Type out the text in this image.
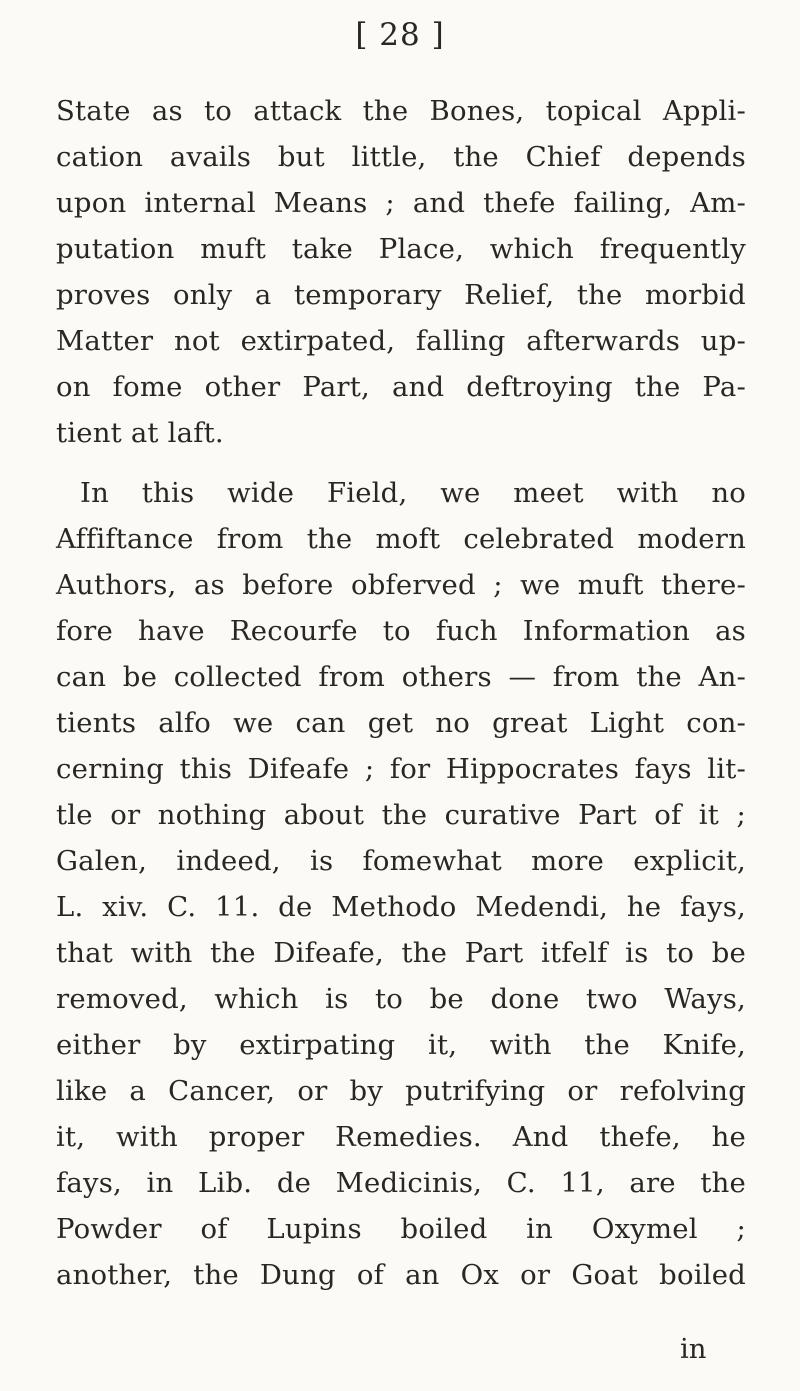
[ 28 ]
State as to attack the Bones, topical Appli-
cation avails but little, the Chief depends
upon internal Means ; and thefe failing, Am-
putation muft take Place, which frequently
proves only a temporary Relief, the morbid
Matter not extirpated, falling afterwards up-
on fome other Part, and deftroying the Pa-
tient at laft.
In this wide Field, we meet with no
Affiftance from the moft celebrated modern
Authors, as before obferved ; we muft there-
fore have Recourfe to fuch Information as
can be collected from others — from the An-
tients alfo we can get no great Light con-
cerning this Difeafe ; for Hippocrates fays lit-
tle or nothing about the curative Part of it ;
Galen, indeed, is fomewhat more explicit,
L. xiv. C. 11. de Methodo Medendi, he fays,
that with the Difeafe, the Part itfelf is to be
removed, which is to be done two Ways,
either by extirpating it, with the Knife,
like a Cancer, or by putrifying or refolving
it, with proper Remedies. And thefe, he
fays, in Lib. de Medicinis, C. 11, are the
Powder of Lupins boiled in Oxymel ;
another, the Dung of an Ox or Goat boiled
in
